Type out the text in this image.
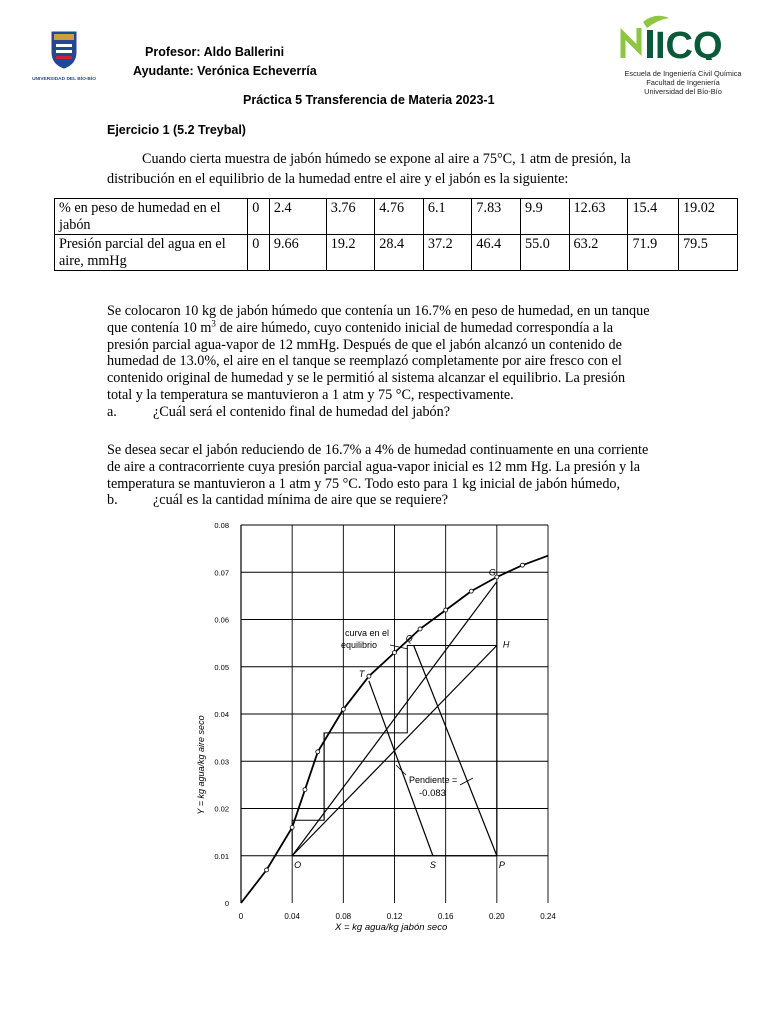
UNIVERSIDAD DEL BÍO-BÍO
Profesor: Aldo Ballerini
Ayudante: Verónica Echeverría
ICQ
Escuela de Ingeniería Civil Química
Facultad de Ingeniería
Universidad del Bío-Bío
Práctica 5 Transferencia de Materia 2023-1
Ejercicio 1 (5.2 Treybal)

Cuando cierta muestra de jabón húmedo se expone al aire a 75°C, 1 atm de presión, la

distribución en el equilibrio de la humedad entre el aire y el jabón es la siguiente:

% en peso de humedad en el jabón	0	2.4	3.76	4.76	6.1	7.83	9.9	12.63	15.4	19.02
Presión parcial del agua en el aire, mmHg	0	9.66	19.2	28.4	37.2	46.4	55.0	63.2	71.9	79.5

Se colocaron 10 kg de jabón húmedo que contenía un 16.7% en peso de humedad, en un tanque

que contenía 10 $m^3$ de aire húmedo, cuyo contenido inicial de humedad correspondía a la

presión parcial agua-vapor de 12 mmHg. Después de que el jabón alcanzó un contenido de

humedad de 13.0%, el aire en el tanque se reemplazó completamente por aire fresco con el

contenido original de humedad y se le permitió al sistema alcanzar el equilibrio. La presión

total y la temperatura se mantuvieron a 1 atm y 75 °C, respectivamente.

a.	¿Cuál será el contenido final de humedad del jabón?

Se desea secar el jabón reduciendo de 16.7% a 4% de humedad continuamente en una corriente

de aire a contracorriente cuya presión parcial agua-vapor inicial es 12 mm Hg. La presión y la

temperatura se mantuvieron a 1 atm y 75 °C. Todo esto para 1 kg inicial de jabón húmedo,

b. ¿cuál es la cantidad mínima de aire que se requiere?

0	0.04	0.08	0.12	0.16	0.20	0.24
0
0.01
0.02
0.03
0.04
0.05
0.06
0.07
0.08
G
H
Q
T
O	S	P
X = kg agua/kg jabón seco
Y = kg agua/kg aire seco
curva en el equilibrio
Pendiente =
-0.083
